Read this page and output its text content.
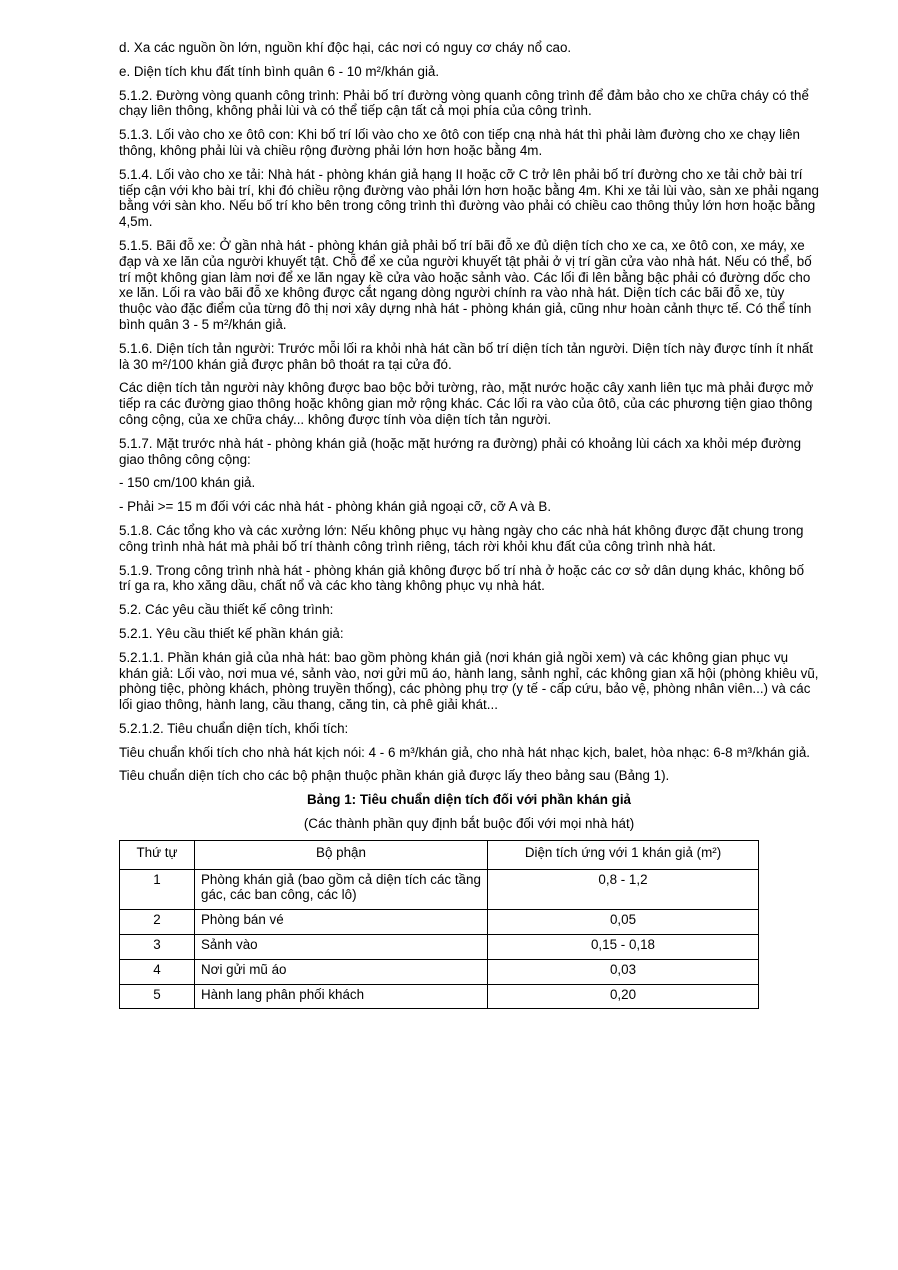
d. Xa các nguồn ồn lớn, nguồn khí độc hại, các nơi có nguy cơ cháy nổ cao.

e. Diện tích khu đất tính bình quân 6 - 10 m²/khán giả.

5.1.2. Đường vòng quanh công trình: Phải bố trí đường vòng quanh công trình để đảm bảo cho xe chữa cháy có thể chạy liên thông, không phải lùi và có thể tiếp cận tất cả mọi phía của công trình.

5.1.3. Lối vào cho xe ôtô con: Khi bố trí lối vào cho xe ôtô con tiếp cnạ nhà hát thì phải làm đường cho xe chạy liên thông, không phải lùi và chiều rộng đường phải lớn hơn hoặc bằng 4m.

5.1.4. Lối vào cho xe tải: Nhà hát - phòng khán giả hạng II hoặc cỡ C trở lên phải bố trí đường cho xe tải chở bài trí tiếp cận với kho bài trí, khi đó chiều rộng đường vào phải lớn hơn hoặc bằng 4m. Khi xe tải lùi vào, sàn xe phải ngang bằng với sàn kho. Nếu bố trí kho bên trong công trình thì đường vào phải có chiều cao thông thủy lớn hơn hoặc bằng 4,5m.

5.1.5. Bãi đỗ xe: Ở gần nhà hát - phòng khán giả phải bố trí bãi đỗ xe đủ diện tích cho xe ca, xe ôtô con, xe máy, xe đạp và xe lăn của người khuyết tật. Chỗ để xe của người khuyết tật phải ở vị trí gần cửa vào nhà hát. Nếu có thể, bố trí một không gian làm nơi để xe lăn ngay kề cửa vào hoặc sảnh vào. Các lối đi lên bằng bậc phải có đường dốc cho xe lăn. Lối ra vào bãi đỗ xe không được cắt ngang dòng người chính ra vào nhà hát. Diện tích các bãi đỗ xe, tùy thuộc vào đặc điểm của từng đô thị nơi xây dựng nhà hát - phòng khán giả, cũng như hoàn cảnh thực tế. Có thể tính bình quân 3 - 5 m²/khán giả.

5.1.6. Diện tích tản người: Trước mỗi lối ra khỏi nhà hát cần bố trí diện tích tản người. Diện tích này được tính ít nhất là 30 m²/100 khán giả được phân bô thoát ra tại cửa đó.

Các diện tích tản người này không được bao bộc bởi tường, rào, mặt nước hoặc cây xanh liên tục mà phải được mở tiếp ra các đường giao thông hoặc không gian mở rộng khác. Các lối ra vào của ôtô, của các phương tiện giao thông công cộng, của xe chữa cháy... không được tính vòa diện tích tản người.

5.1.7. Mặt trước nhà hát - phòng khán giả (hoặc mặt hướng ra đường) phải có khoảng lùi cách xa khỏi mép đường giao thông công cộng:

- 150 cm/100 khán giả.

- Phải >= 15 m đối với các nhà hát - phòng khán giả ngoại cỡ, cỡ A và B.

5.1.8. Các tổng kho và các xưởng lớn: Nếu không phục vụ hàng ngày cho các nhà hát không được đặt chung trong công trình nhà hát mà phải bố trí thành công trình riêng, tách rời khỏi khu đất của công trình nhà hát.

5.1.9. Trong công trình nhà hát - phòng khán giả không được bố trí nhà ở hoặc các cơ sở dân dụng khác, không bố trí ga ra, kho xăng dầu, chất nổ và các kho tàng không phục vụ nhà hát.

5.2. Các yêu cầu thiết kế công trình:

5.2.1. Yêu cầu thiết kế phần khán giả:

5.2.1.1. Phần khán giả của nhà hát: bao gồm phòng khán giả (nơi khán giả ngồi xem) và các không gian phục vụ khán giả: Lối vào, nơi mua vé, sảnh vào, nơi gửi mũ áo, hành lang, sảnh nghỉ, các không gian xã hội (phòng khiêu vũ, phòng tiệc, phòng khách, phòng truyền thống), các phòng phụ trợ (y tế - cấp cứu, bảo vệ, phòng nhân viên...) và các lối giao thông, hành lang, cầu thang, căng tin, cà phê giải khát...

5.2.1.2. Tiêu chuẩn diện tích, khối tích:

Tiêu chuẩn khối tích cho nhà hát kịch nói: 4 - 6 m³/khán giả, cho nhà hát nhạc kịch, balet, hòa nhạc: 6-8 m³/khán giả.

Tiêu chuẩn diện tích cho các bộ phận thuộc phần khán giả được lấy theo bảng sau (Bảng 1).

Bảng 1: Tiêu chuẩn diện tích đối với phần khán giả

(Các thành phần quy định bắt buộc đối với mọi nhà hát)

Thứ tự	Bộ phận	Diện tích ứng với 1 khán giả (m²)
1	Phòng khán giả (bao gồm cả diện tích các tầng gác, các ban công, các lô)	0,8 - 1,2
2	Phòng bán vé	0,05
3	Sảnh vào	0,15 - 0,18
4	Nơi gửi mũ áo	0,03
5	Hành lang phân phối khách	0,20
